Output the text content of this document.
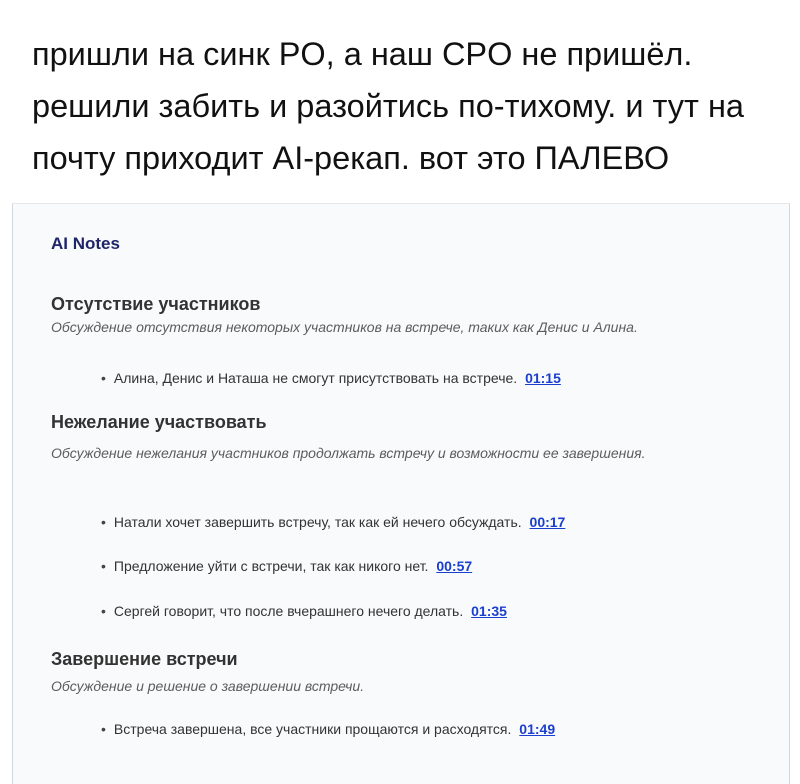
пришли на синк PO, а наш CPO не пришёл.
решили забить и разойтись по-тихому. и тут на
почту приходит AI-рекап. вот это ПАЛЕВО
AI Notes
Отсутствие участников
Обсуждение отсутствия некоторых участников на встрече, таких как Денис и Алина.
• Алина, Денис и Наташа не смогут присутствовать на встрече. 01:15
Нежелание участвовать
Обсуждение нежелания участников продолжать встречу и возможности ее завершения.
• Натали хочет завершить встречу, так как ей нечего обсуждать. 00:17
• Предложение уйти с встречи, так как никого нет. 00:57
• Сергей говорит, что после вчерашнего нечего делать. 01:35
Завершение встречи
Обсуждение и решение о завершении встречи.
• Встреча завершена, все участники прощаются и расходятся. 01:49
